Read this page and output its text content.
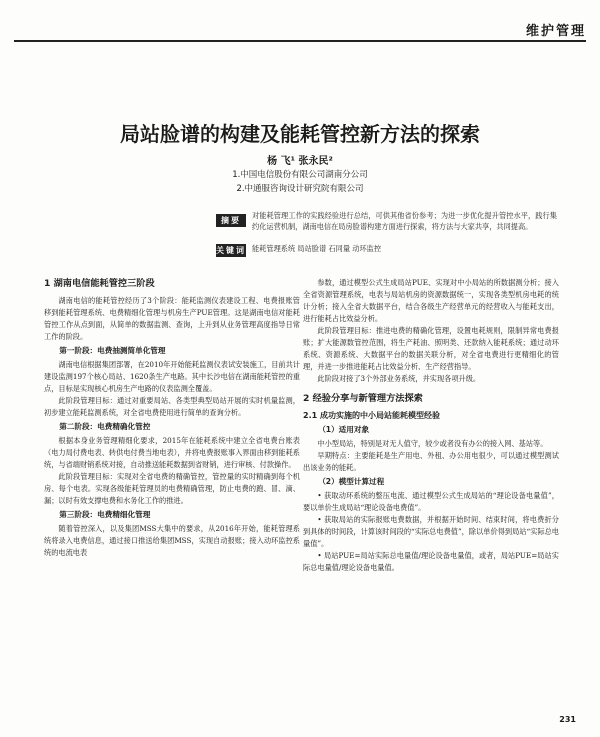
维护管理
局站脸谱的构建及能耗管控新方法的探索
杨 飞¹ 张永民²
1.中国电信股份有限公司湖南分公司
2.中通服咨询设计研究院有限公司
摘要
对能耗管理工作的实践经验进行总结，可供其他省份参考；为进一步优化提升管控水平，践行集约化运营机制，湖南电信在局房脸谱构建方面进行探索，将方法与大家共享，共同提高。
关键词 能耗管理系统 局站脸谱 石同量 动环监控
1 湖南电信能耗管控三阶段

湖南电信的能耗管控经历了3个阶段：能耗监测仪表建设工程、电费报账管移到能耗管理系统、电费精细化管理与机房生产PUE管理。这是湖南电信对能耗管控工作从点到面，从简单的数据监测、查询，上升到从业务管理高度指导日常工作的阶段。

第一阶段：电费抽测简单化管理

湖南电信根据集团部署，在2010年开始能耗监测仪表试安装施工，目前共计建设监测197个核心局站、1620条生产电路。其中长沙电信在湖南能耗管控的重点，目标是实现核心机房生产电路的仪表监测全覆盖。

此阶段管理目标：通过对重要局站、各类型典型局站开展的实时机量监测，初步建立能耗监测系统，对全省电费使用进行简单的查询分析。

第二阶段：电费精确化管控

根据本身业务管理精细化要求，2015年在能耗系统中建立全省电费台账表（电力局付费电表、转供电付费当地电表），并将电费报账事入界面由移到能耗系统，与省端财销系统对接，自动推送能耗数据到省财销，进行审核、付款操作。

此阶段管理目标：实现对全省电费的精确管控，管控量的实时精确到每个机房、每个电表。实现各级能耗管理员的电费精确管理，防止电费的跑、冒、滴、漏；以时有效支撑电费和水务化工作的推进。

第三阶段：电费精细化管理

随着管控深入，以及集团MSS大集中的要求，从2016年开始，能耗管理系统将录入电费信息，通过接口推送给集团MSS，实现自动报账；接入动环监控系统的电流电表

参数，通过模型公式生成局站PUE、实现对中小局站的所数据测分析；接入全省资源管理系统，电表与局站机房的资源数据统一，实现各类型机房电耗的统计分析；接入全省大数据平台，结合各级生产经营单元的经营收入与能耗支出，进行能耗占比效益分析。

此阶段管理目标：推进电费的精确化管理，设置电耗规则，限制异常电费报账；扩大能源数管控范围，将生产耗油、照明类、还款纳入能耗系统；通过动环系统、资源系统、大数据平台的数据关联分析，对全省电费进行更精细化的管理，并进一步推进能耗占比效益分析、生产经营指导。

此阶段对接了3个外部业务系统，并实现各项升级。

2 经验分享与新管理方法探索
2.1 成功实施的中小局站能耗模型经验
（1）适用对象

中小型局站，特别是对无人值守，较少或者没有办公的接入网、基站等。

早期特点：主要能耗是生产用电、外租、办公用电很少，可以通过模型测试出该业务的能耗。

（2）模型计算过程

• 获取动环系统的整压电流、通过模型公式生成局站的“理论设备电量值”，要以单价生成局站“理论设备电费值”。

• 获取局站的实际报账电费数据，并根据开始时间、结束时间，将电费折分到具体的时间段，计算该时间段的“实际总电费值”，除以单价得到局站“实际总电量值”。

• 局站PUE=局站实际总电量值/理论设备电量值，或者，局站PUE=局站实际总电量值/理论设备电量值。

231
